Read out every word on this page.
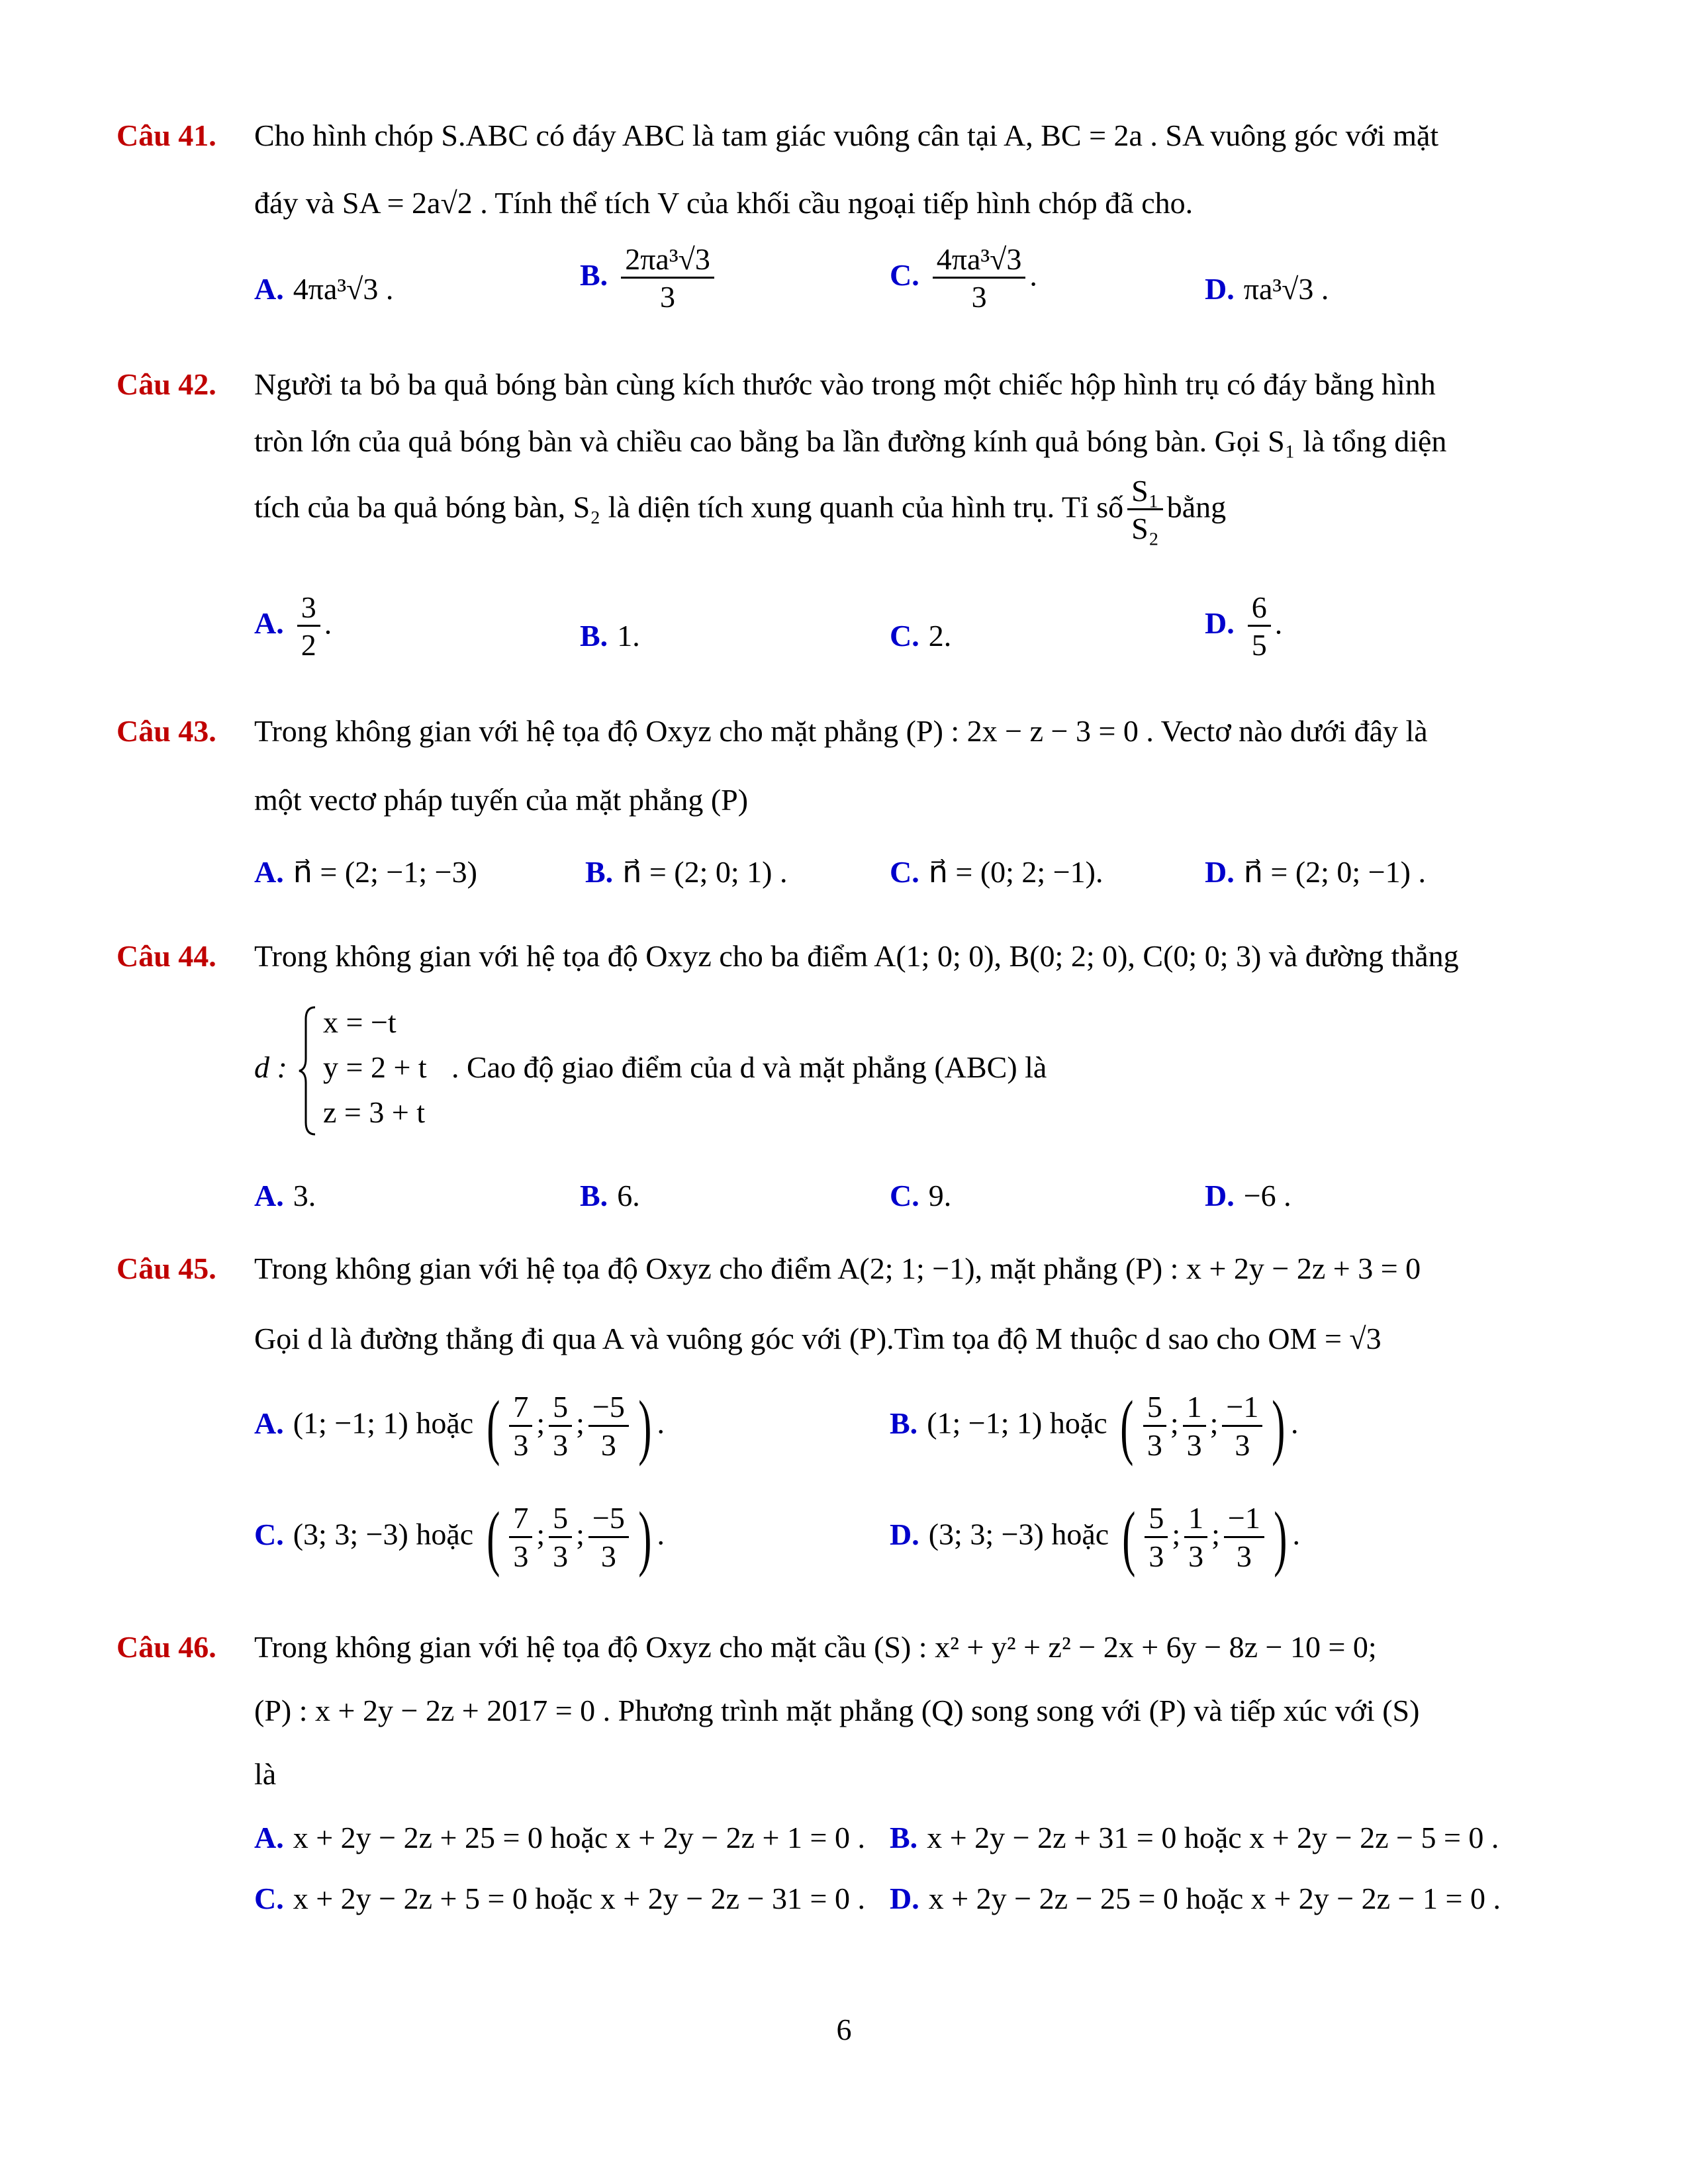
Câu 41. Cho hình chóp S.ABC có đáy ABC là tam giác vuông cân tại A, BC = 2a . SA vuông góc với mặt
đáy và SA = 2a√2 . Tính thể tích V của khối cầu ngoại tiếp hình chóp đã cho.
A. 4πa³√3 .	B. $\frac{\text{2πa³√3}}{3}$	C. $\frac{\text{4πa³√3}}{3}$ .	D. πa³√3 .
Câu 42. Người ta bỏ ba quả bóng bàn cùng kích thước vào trong một chiếc hộp hình trụ có đáy bằng hình
tròn lớn của quả bóng bàn và chiều cao bằng ba lần đường kính quả bóng bàn. Gọi S₁ là tổng diện
tích của ba quả bóng bàn, S₂ là diện tích xung quanh của hình trụ. Tỉ số $\frac{\text{S₁}}{\text{S₂}}$ bằng
A. $\frac{3}{2}$ .	B. 1.	C. 2.	D. $\frac{6}{5}$ .
Câu 43. Trong không gian với hệ tọa độ Oxyz cho mặt phẳng (P) : 2x − z − 3 = 0 . Vectơ nào dưới đây là
một vectơ pháp tuyến của mặt phẳng (P)
A. n⃗ = (2; −1; −3)	B. n⃗ = (2; 0; 1) .	C. n⃗ = (0; 2; −1).	D. n⃗ = (2; 0; −1) .
Câu 44. Trong không gian với hệ tọa độ Oxyz cho ba điểm A(1; 0; 0), B(0; 2; 0), C(0; 0; 3) và đường thẳng
d :
x = −t
y = 2 + t
z = 3 + t
. Cao độ giao điểm của d và mặt phẳng (ABC) là
A. 3.	B. 6.	C. 9.	D. −6 .
Câu 45. Trong không gian với hệ tọa độ Oxyz cho điểm A(2; 1; −1), mặt phẳng (P) : x + 2y − 2z + 3 = 0
Gọi d là đường thẳng đi qua A và vuông góc với (P).Tìm tọa độ M thuộc d sao cho OM = √3
A. (1; −1; 1) hoặc ( $\frac{7}{3}$ ; $\frac{5}{3}$ ; $\frac{-5}{3}$ ) .	B. (1; −1; 1) hoặc ( $\frac{5}{3}$ ; $\frac{1}{3}$ ; $\frac{-1}{3}$ ) .
C. (3; 3; −3) hoặc ( $\frac{7}{3}$ ; $\frac{5}{3}$ ; $\frac{-5}{3}$ ) .	D. (3; 3; −3) hoặc ( $\frac{5}{3}$ ; $\frac{1}{3}$ ; $\frac{-1}{3}$ ) .
Câu 46. Trong không gian với hệ tọa độ Oxyz cho mặt cầu (S) : x² + y² + z² − 2x + 6y − 8z − 10 = 0;
(P) : x + 2y − 2z + 2017 = 0 . Phương trình mặt phẳng (Q) song song với (P) và tiếp xúc với (S)
là
A. x + 2y − 2z + 25 = 0 hoặc x + 2y − 2z + 1 = 0 . B. x + 2y − 2z + 31 = 0 hoặc x + 2y − 2z − 5 = 0 .
C. x + 2y − 2z + 5 = 0 hoặc x + 2y − 2z − 31 = 0 . D. x + 2y − 2z − 25 = 0 hoặc x + 2y − 2z − 1 = 0 .
6
